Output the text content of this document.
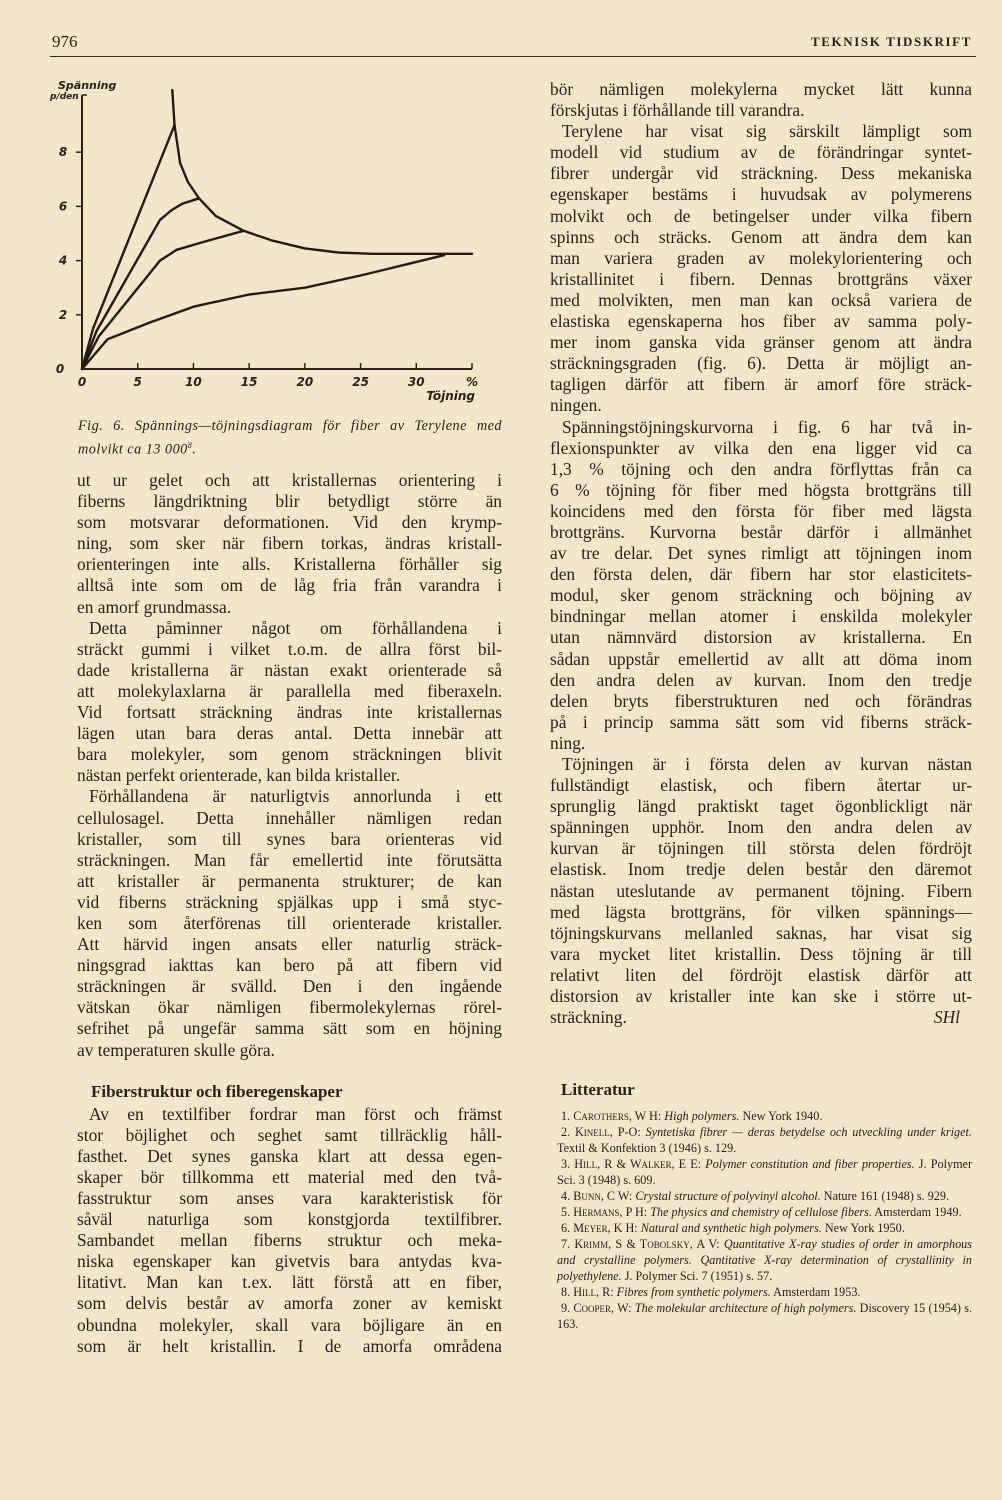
976	TEKNISK TIDSKRIFT
0	5	10	15	20	25	30	%
Töjning
0
2
4
6
8
Spänning
p/den
Fig. 6. Spännings—töjningsdiagram för fiber av Terylene med molvikt ca 13 $000^8$.
ut ur gelet och att kristallernas orientering i
fiberns längdriktning blir betydligt större än
som motsvarar deformationen. Vid den krymp-
ning, som sker när fibern torkas, ändras kristall-
orienteringen inte alls. Kristallerna förhåller sig
alltså inte som om de låg fria från varandra i
en amorf grundmassa.
Detta påminner något om förhållandena i
sträckt gummi i vilket t.o.m. de allra först bil-
dade kristallerna är nästan exakt orienterade så
att molekylaxlarna är parallella med fiberaxeln.
Vid fortsatt sträckning ändras inte kristallernas
lägen utan bara deras antal. Detta innebär att
bara molekyler, som genom sträckningen blivit
nästan perfekt orienterade, kan bilda kristaller.
Förhållandena är naturligtvis annorlunda i ett
cellulosagel. Detta innehåller nämligen redan
kristaller, som till synes bara orienteras vid
sträckningen. Man får emellertid inte förutsätta
att kristaller är permanenta strukturer; de kan
vid fiberns sträckning spjälkas upp i små styc-
ken som återförenas till orienterade kristaller.
Att härvid ingen ansats eller naturlig sträck-
ningsgrad iakttas kan bero på att fibern vid
sträckningen är svälld. Den i den ingående
vätskan ökar nämligen fibermolekylernas rörel-
sefrihet på ungefär samma sätt som en höjning
av temperaturen skulle göra.
Fiberstruktur och fiberegenskaper
Av en textilfiber fordrar man först och främst
stor böjlighet och seghet samt tillräcklig håll-
fasthet. Det synes ganska klart att dessa egen-
skaper bör tillkomma ett material med den två-
fasstruktur som anses vara karakteristisk för
såväl naturliga som konstgjorda textilfibrer.
Sambandet mellan fiberns struktur och meka-
niska egenskaper kan givetvis bara antydas kva-
litativt. Man kan t.ex. lätt förstå att en fiber,
som delvis består av amorfa zoner av kemiskt
obundna molekyler, skall vara böjligare än en
som är helt kristallin. I de amorfa områdena
bör nämligen molekylerna mycket lätt kunna
förskjutas i förhållande till varandra.
Terylene har visat sig särskilt lämpligt som
modell vid studium av de förändringar syntet-
fibrer undergår vid sträckning. Dess mekaniska
egenskaper bestäms i huvudsak av polymerens
molvikt och de betingelser under vilka fibern
spinns och sträcks. Genom att ändra dem kan
man variera graden av molekylorientering och
kristallinitet i fibern. Dennas brottgräns växer
med molvikten, men man kan också variera de
elastiska egenskaperna hos fiber av samma poly-
mer inom ganska vida gränser genom att ändra
sträckningsgraden (fig. 6). Detta är möjligt an-
tagligen därför att fibern är amorf före sträck-
ningen.
Spänningstöjningskurvorna i fig. 6 har två in-
flexionspunkter av vilka den ena ligger vid ca
1,3 % töjning och den andra förflyttas från ca
6 % töjning för fiber med högsta brottgräns till
koincidens med den första för fiber med lägsta
brottgräns. Kurvorna består därför i allmänhet
av tre delar. Det synes rimligt att töjningen inom
den första delen, där fibern har stor elasticitets-
modul, sker genom sträckning och böjning av
bindningar mellan atomer i enskilda molekyler
utan nämnvärd distorsion av kristallerna. En
sådan uppstår emellertid av allt att döma inom
den andra delen av kurvan. Inom den tredje
delen bryts fiberstrukturen ned och förändras
på i princip samma sätt som vid fiberns sträck-
ning.
Töjningen är i första delen av kurvan nästan
fullständigt elastisk, och fibern återtar ur-
sprunglig längd praktiskt taget ögonblickligt när
spänningen upphör. Inom den andra delen av
kurvan är töjningen till största delen fördröjt
elastisk. Inom tredje delen består den däremot
nästan uteslutande av permanent töjning. Fibern
med lägsta brottgräns, för vilken spännings—
töjningskurvans mellanled saknas, har visat sig
vara mycket litet kristallin. Dess töjning är till
relativt liten del fördröjt elastisk därför att
distorsion av kristaller inte kan ske i större ut-
SHl
sträckning.
Litteratur
1. Carothers, W H: High polymers. New York 1940.
2. Kinell, P-O: Syntetiska fibrer — deras betydelse och utveckling under kriget. Textil & Konfektion 3 (1946) s. 129.
3. Hill, R & Walker, E E: Polymer constitution and fiber properties. J. Polymer Sci. 3 (1948) s. 609.
4. Bunn, C W: Crystal structure of polyvinyl alcohol. Nature 161 (1948) s. 929.
5. Hermans, P H: The physics and chemistry of cellulose fibers. Amsterdam 1949.
6. Meyer, K H: Natural and synthetic high polymers. New York 1950.
7. Krimm, S & Tobolsky, A V: Quantitative X-ray studies of order in amorphous and crystalline polymers. Qantitative X-ray determination of crystallinity in polyethylene. J. Polymer Sci. 7 (1951) s. 57.
8. Hill, R: Fibres from synthetic polymers. Amsterdam 1953.
9. Cooper, W: The molekular architecture of high polymers. Discovery 15 (1954) s. 163.
